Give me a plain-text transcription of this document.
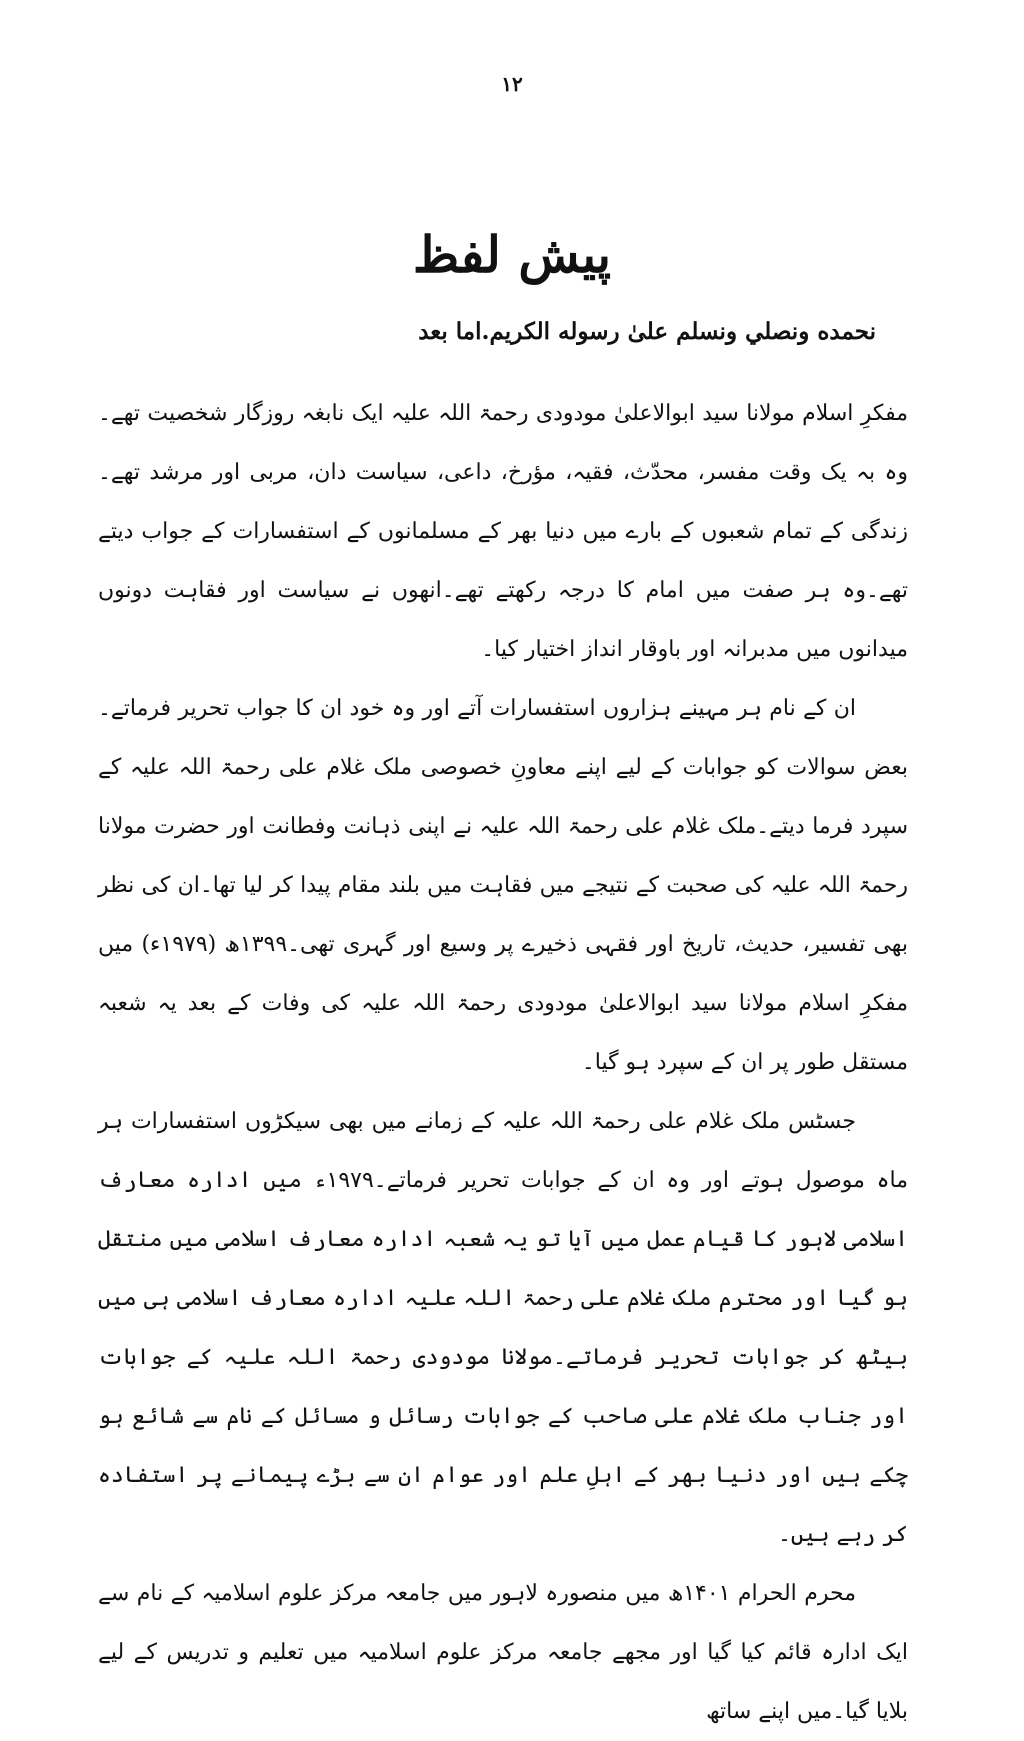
۱۲
پیش لفظ
نحمده ونصلي ونسلم علىٰ رسوله الكريم.اما بعد

مفکرِ اسلام مولانا سید ابوالاعلیٰ مودودی رحمۃ اللہ علیہ ایک نابغہ روزگار شخصیت تھے۔وہ بہ یک وقت مفسر، محدّث، فقیہ، مؤرخ، داعی، سیاست دان، مربی اور مرشد تھے۔زندگی کے تمام شعبوں کے بارے میں دنیا بھر کے مسلمانوں کے استفسارات کے جواب دیتے تھے۔وہ ہر صفت میں امام کا درجہ رکھتے تھے۔انھوں نے سیاست اور فقاہت دونوں میدانوں میں مدبرانہ اور باوقار انداز اختیار کیا۔

ان کے نام ہر مہینے ہزاروں استفسارات آتے اور وہ خود ان کا جواب تحریر فرماتے۔بعض سوالات کو جوابات کے لیے اپنے معاونِ خصوصی ملک غلام علی رحمۃ اللہ علیہ کے سپرد فرما دیتے۔ملک غلام علی رحمۃ اللہ علیہ نے اپنی ذہانت وفطانت اور حضرت مولانا رحمۃ اللہ علیہ کی صحبت کے نتیجے میں فقاہت میں بلند مقام پیدا کر لیا تھا۔ان کی نظر بھی تفسیر، حدیث، تاریخ اور فقہی ذخیرے پر وسیع اور گہری تھی۔۱۳۹۹ھ (۱۹۷۹ء) میں مفکرِ اسلام مولانا سید ابوالاعلیٰ مودودی رحمۃ اللہ علیہ کی وفات کے بعد یہ شعبہ مستقل طور پر ان کے سپرد ہو گیا۔

جسٹس ملک غلام علی رحمۃ اللہ علیہ کے زمانے میں بھی سیکڑوں استفسارات ہر ماہ موصول ہوتے اور وہ ان کے جوابات تحریر فرماتے۔۱۹۷۹ء میں ادارہ معارف اسلامی لاہور کا قیام عمل میں آیا تو یہ شعبہ ادارہ معارف اسلامی میں منتقل ہو گیا اور محترم ملک غلام علی رحمۃ اللہ علیہ ادارہ معارف اسلامی ہی میں بیٹھ کر جوابات تحریر فرماتے۔مولانا مودودی رحمۃ اللہ علیہ کے جوابات اور جناب ملک غلام علی صاحب کے جوابات رسائل و مسائل کے نام سے شائع ہو چکے ہیں اور دنیا بھر کے اہلِ علم اور عوام ان سے بڑے پیمانے پر استفادہ کر رہے ہیں۔

محرم الحرام ۱۴۰۱ھ میں منصورہ لاہور میں جامعہ مرکز علوم اسلامیہ کے نام سے ایک ادارہ قائم کیا گیا اور مجھے جامعہ مرکز علوم اسلامیہ میں تعلیم و تدریس کے لیے بلایا گیا۔میں اپنے ساتھ
